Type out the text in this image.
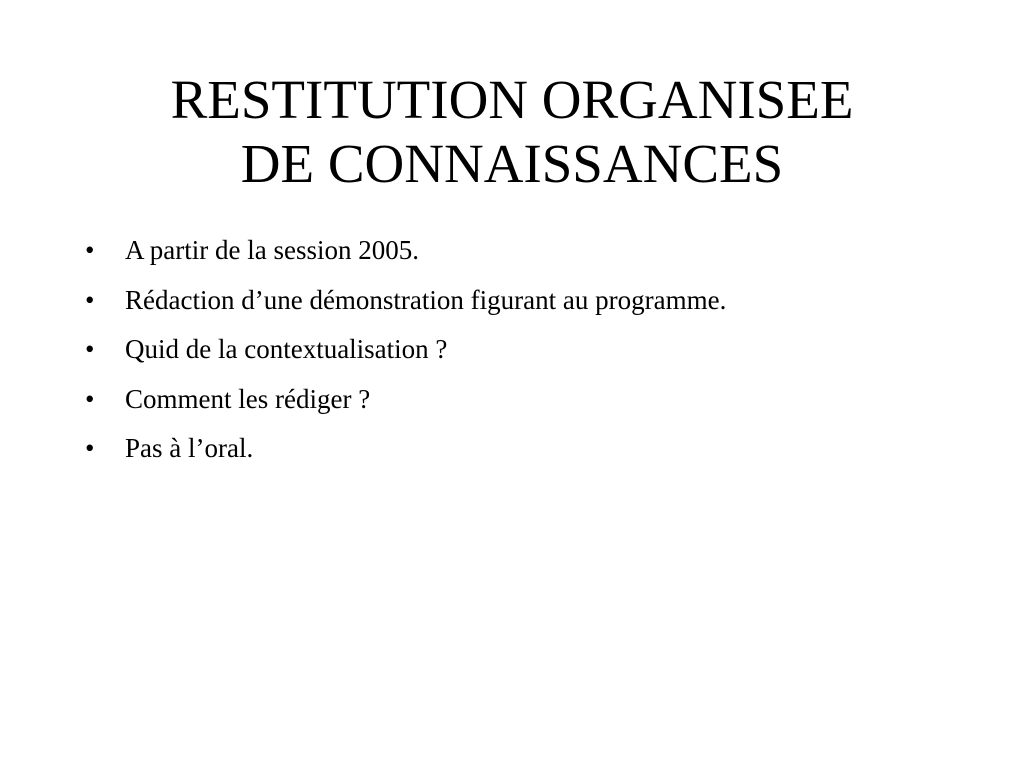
RESTITUTION ORGANISEE
DE CONNAISSANCES
•	A partir de la session 2005.
•	Rédaction d’une démonstration figurant au programme.
•	Quid de la contextualisation ?
•	Comment les rédiger ?
•	Pas à l’oral.
